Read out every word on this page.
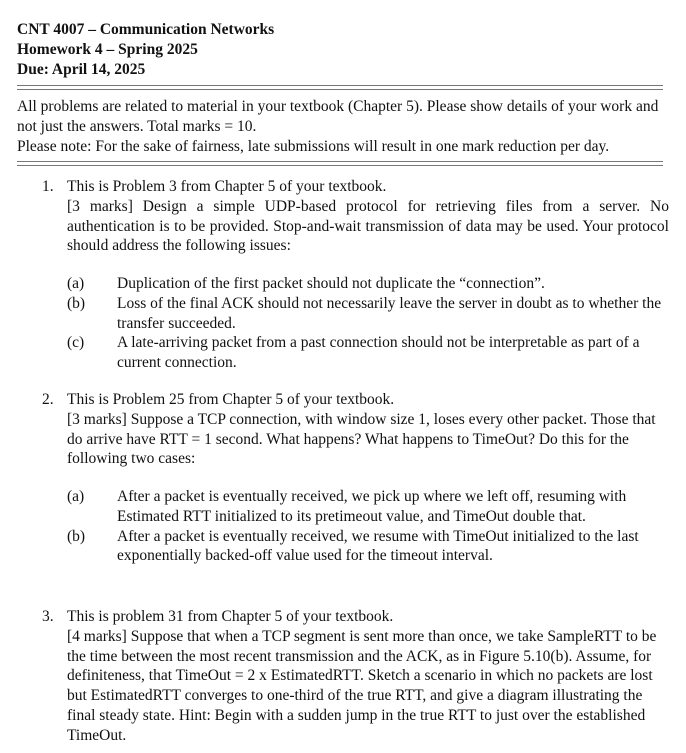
CNT 4007 – Communication Networks
Homework 4 – Spring 2025
Due: April 14, 2025
All problems are related to material in your textbook (Chapter 5). Please show details of your work and not just the answers. Total marks = 10.
Please note: For the sake of fairness, late submissions will result in one mark reduction per day.
1. This is Problem 3 from Chapter 5 of your textbook.

[3 marks] Design a simple UDP-based protocol for retrieving files from a server. No authentication is to be provided. Stop-and-wait transmission of data may be used. Your protocol should address the following issues:

(a) Duplication of the first packet should not duplicate the “connection”.
(b) Loss of the final ACK should not necessarily leave the server in doubt as to whether the transfer succeeded.
(c) A late-arriving packet from a past connection should not be interpretable as part of a current connection.
2. This is Problem 25 from Chapter 5 of your textbook.

[3 marks] Suppose a TCP connection, with window size 1, loses every other packet. Those that do arrive have RTT = 1 second. What happens? What happens to TimeOut? Do this for the following two cases:

(a) After a packet is eventually received, we pick up where we left off, resuming with Estimated RTT initialized to its pretimeout value, and TimeOut double that.
(b) After a packet is eventually received, we resume with TimeOut initialized to the last exponentially backed-off value used for the timeout interval.
3. This is problem 31 from Chapter 5 of your textbook.

[4 marks] Suppose that when a TCP segment is sent more than once, we take SampleRTT to be the time between the most recent transmission and the ACK, as in Figure 5.10(b). Assume, for definiteness, that TimeOut = 2 x EstimatedRTT. Sketch a scenario in which no packets are lost but EstimatedRTT converges to one-third of the true RTT, and give a diagram illustrating the final steady state. Hint: Begin with a sudden jump in the true RTT to just over the established TimeOut.
